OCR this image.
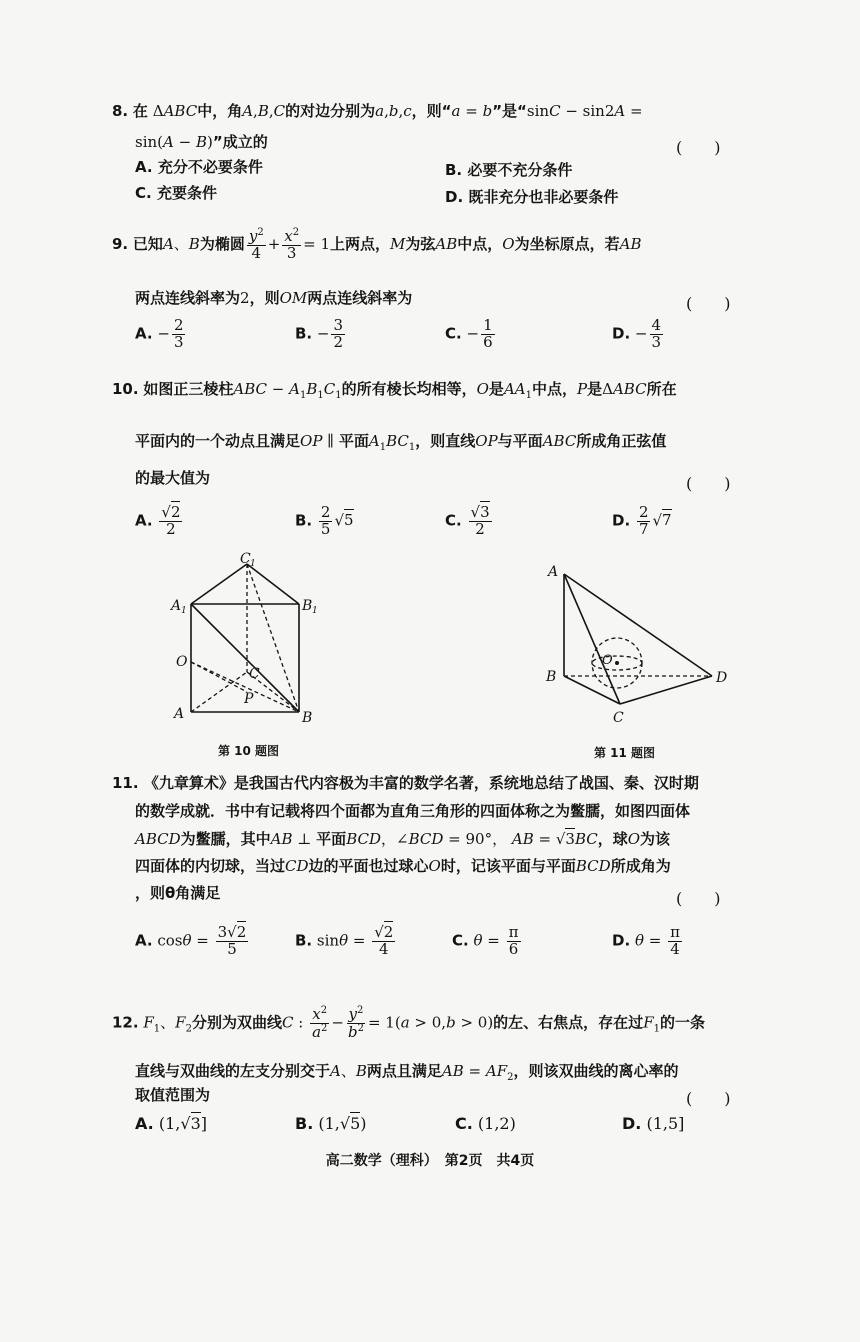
8. 在 ΔABC中，角A,B,C的对边分别为a,b,c，则“a = b”是“sinC − sin2A =
sin(A − B)”成立的	(　　)
A. 充分不必要条件	B. 必要不充分条件
C. 充要条件	D. 既非充分也非必要条件
9. 已知A、B为椭圆 $\frac{y^2}{4} + \frac{x^2}{3} = 1$上两点，M为弦AB中点，O为坐标原点，若AB
两点连线斜率为2，则OM两点连线斜率为	(　　)
A. − $\frac{2}{3}$	B. − $\frac{3}{2}$	C. − $\frac{1}{6}$	D. − $\frac{4}{3}$
10. 如图正三棱柱ABC − $A_1B_1C_1$的所有棱长均相等，O是$AA_1$中点，P是ΔABC所在
平面内的一个动点且满足OP ∥ 平面$A_1BC_1$，则直线OP与平面ABC所成角正弦值
的最大值为	(　　)
A. $\frac{√2}{2}$	B. $\frac{2}{5} √5$	C. $\frac{√3}{2}$	D. $\frac{2}{7} √7$
C 1
A 1	B 1
O
C
P
A	B
第 10 题图
O
A
B	D
C
第 11 题图
11. 《九章算术》是我国古代内容极为丰富的数学名著，系统地总结了战国、秦、汉时期
的数学成就．书中有记载将四个面都为直角三角形的四面体称之为鳖臑，如图四面体
ABCD为鳖臑，其中AB ⊥ 平面BCD，∠BCD = 90°， AB = √3BC，球O为该
四面体的内切球，当过CD边的平面也过球心O时，记该平面与平面BCD所成角为
，则θ角满足	(　　)
A. $\cos\theta = \frac{3√2}{5}$	B. $\sin\theta = \frac{√2}{4}$	C. $\theta = \frac{\pi}{6}$	D. $\theta = \frac{\pi}{4}$
12. $F_1$、$F_2$分别为双曲线C : $\frac{x^2}{a^2} - \frac{y^2}{b^2} = 1(a > 0,b > 0)$的左、右焦点，存在过$F_1$的一条
直线与双曲线的左支分别交于A、B两点且满足AB = $AF_2$，则该双曲线的离心率的
取值范围为	(　　)
A. (1,√3]	B. (1,√5)	C. (1,2)	D. (1,5]
高二数学（理科）　第2页　共4页
